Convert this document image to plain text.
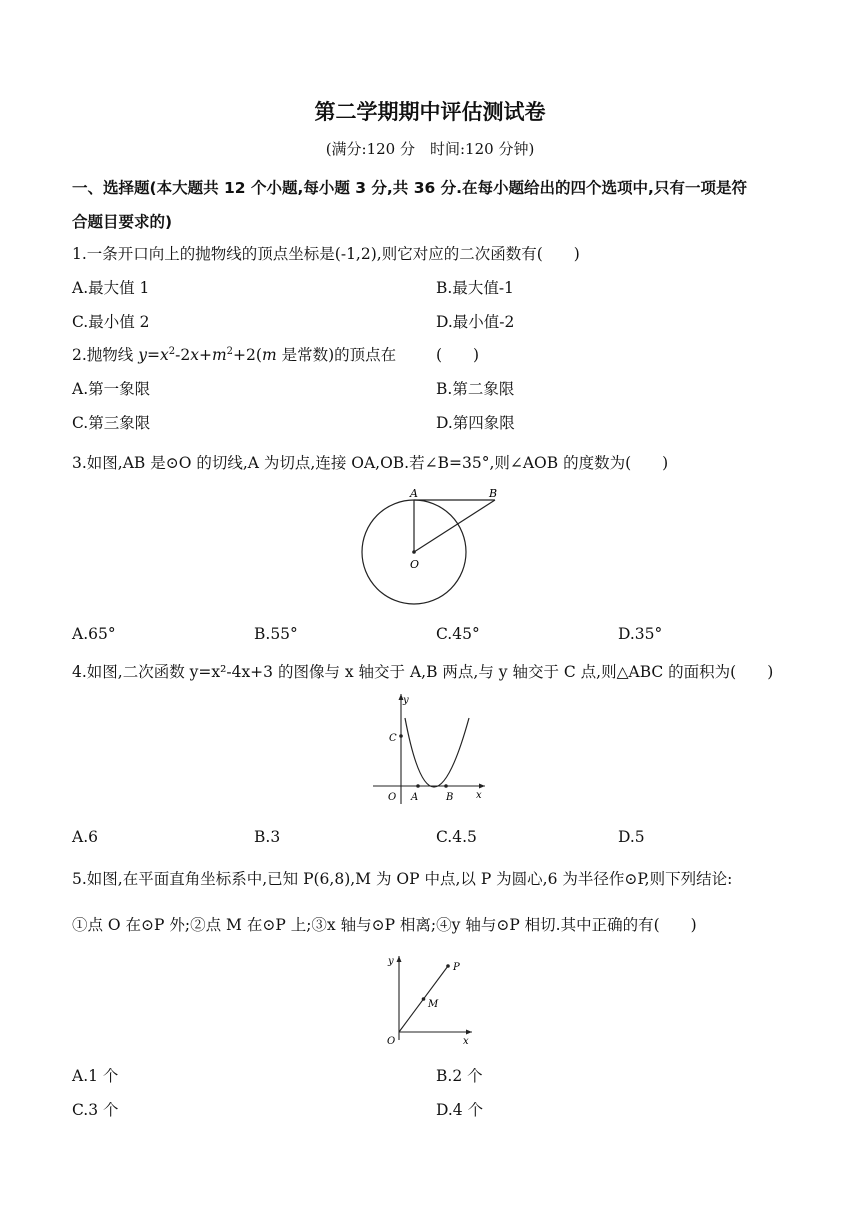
第二学期期中评估测试卷
(满分:120 分　时间:120 分钟)
一、选择题(本大题共 12 个小题,每小题 3 分,共 36 分.在每小题给出的四个选项中,只有一项是符
合题目要求的)
1.一条开口向上的抛物线的顶点坐标是(-1,2),则它对应的二次函数有(　　)
A.最大值 1	B.最大值-1
C.最小值 2	D.最小值-2
2.抛物线 $y=x^2-2x+m^2+2(m$ 是常数)的顶点在	(　　)
A.第一象限	B.第二象限
C.第三象限	D.第四象限
3.如图,AB 是⊙O 的切线,A 为切点,连接 OA,OB.若∠B=35°,则∠AOB 的度数为(　　)
A	B
O
A.65°	B.55°	C.45°	D.35°
4.如图,二次函数 y=x²-4x+3 的图像与 x 轴交于 A,B 两点,与 y 轴交于 C 点,则△ABC 的面积为(　　)
y
x
C
O A	B
A.6	B.3	C.4.5	D.5
5.如图,在平面直角坐标系中,已知 P(6,8),M 为 OP 中点,以 P 为圆心,6 为半径作⊙P,则下列结论:
①点 O 在⊙P 外;②点 M 在⊙P 上;③x 轴与⊙P 相离;④y 轴与⊙P 相切.其中正确的有(　　)
y
x
P
M
O
A.1 个	B.2 个
C.3 个	D.4 个
